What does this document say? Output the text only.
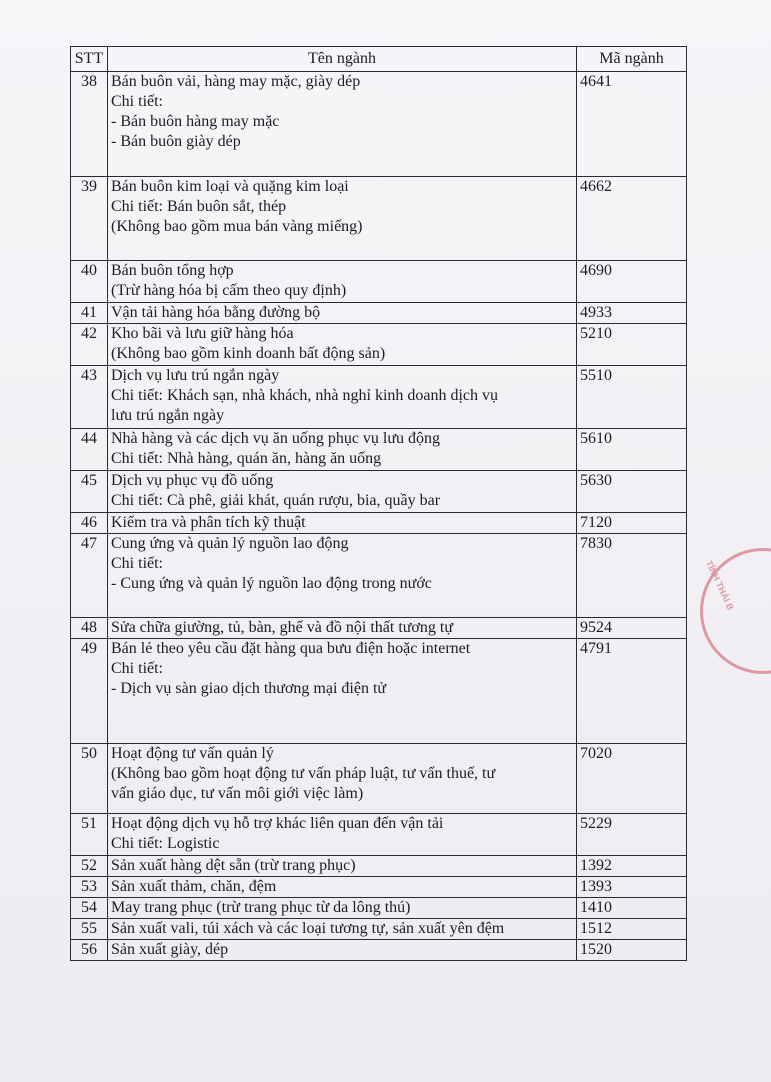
STT	Tên ngành	Mã ngành
38	Bán buôn vải, hàng may mặc, giày dép
Chi tiết:
- Bán buôn hàng may mặc
- Bán buôn giày dép	4641
39	Bán buôn kim loại và quặng kim loại
Chi tiết: Bán buôn sắt, thép
(Không bao gồm mua bán vàng miếng)	4662
40	Bán buôn tổng hợp
(Trừ hàng hóa bị cấm theo quy định)	4690
41	Vận tải hàng hóa bằng đường bộ	4933
42	Kho bãi và lưu giữ hàng hóa
(Không bao gồm kinh doanh bất động sản)	5210
43	Dịch vụ lưu trú ngắn ngày
Chi tiết: Khách sạn, nhà khách, nhà nghỉ kinh doanh dịch vụ
lưu trú ngắn ngày	5510
44	Nhà hàng và các dịch vụ ăn uống phục vụ lưu động
Chi tiết: Nhà hàng, quán ăn, hàng ăn uống	5610
45	Dịch vụ phục vụ đồ uống
Chi tiết: Cà phê, giải khát, quán rượu, bia, quầy bar	5630
46	Kiểm tra và phân tích kỹ thuật	7120
47	Cung ứng và quản lý nguồn lao động
Chi tiết:
- Cung ứng và quản lý nguồn lao động trong nước	7830
48	Sửa chữa giường, tủ, bàn, ghế và đồ nội thất tương tự	9524
49	Bán lẻ theo yêu cầu đặt hàng qua bưu điện hoặc internet
Chi tiết:
- Dịch vụ sàn giao dịch thương mại điện tử	4791
50	Hoạt động tư vấn quản lý
(Không bao gồm hoạt động tư vấn pháp luật, tư vấn thuế, tư
vấn giáo dục, tư vấn môi giới việc làm)	7020
51	Hoạt động dịch vụ hỗ trợ khác liên quan đến vận tải
Chi tiết: Logistic	5229
52	Sản xuất hàng dệt sẵn (trừ trang phục)	1392
53	Sản xuất thảm, chăn, đệm	1393
54	May trang phục (trừ trang phục từ da lông thú)	1410
55	Sản xuất vali, túi xách và các loại tương tự, sản xuất yên đệm	1512
56	Sản xuất giày, dép	1520
TỈNH THÁI B
